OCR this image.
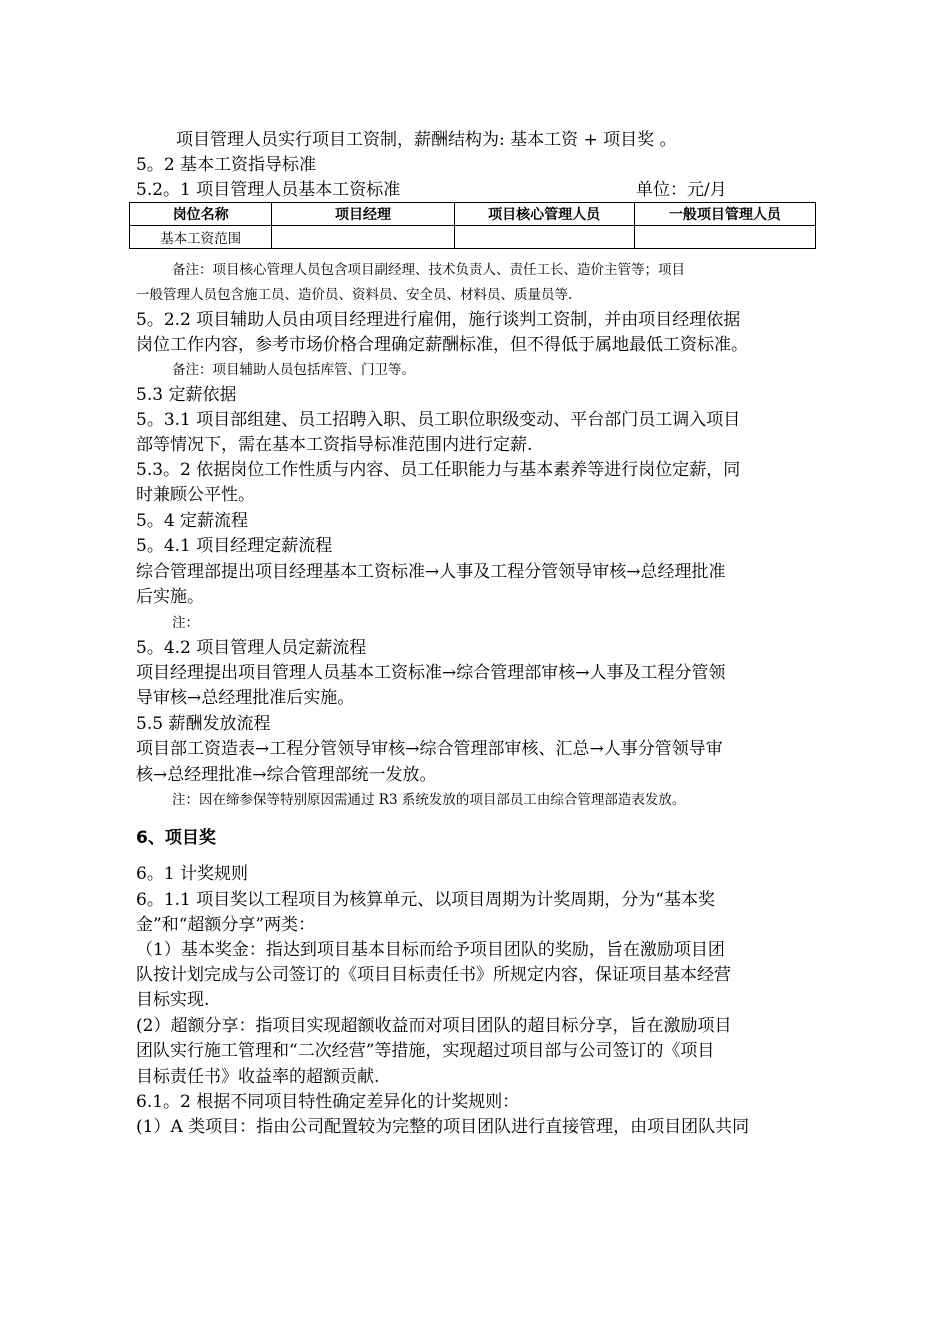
项目管理人员实行项目工资制，薪酬结构为: 基本工资 + 项目奖 。
5。2 基本工资指导标准
5.2。1 项目管理人员基本工资标准	单位：元/月
岗位名称	项目经理	项目核心管理人员	一般项目管理人员
基本工资范围			
备注：项目核心管理人员包含项目副经理、技术负责人、责任工长、造价主管等；项目
一般管理人员包含施工员、造价员、资料员、安全员、材料员、质量员等.
5。2.2 项目辅助人员由项目经理进行雇佣，施行谈判工资制，并由项目经理依据
岗位工作内容，参考市场价格合理确定薪酬标准，但不得低于属地最低工资标准。
备注：项目辅助人员包括库管、门卫等。
5.3 定薪依据
5。3.1 项目部组建、员工招聘入职、员工职位职级变动、平台部门员工调入项目
部等情况下，需在基本工资指导标准范围内进行定薪.
5.3。2 依据岗位工作性质与内容、员工任职能力与基本素养等进行岗位定薪，同
时兼顾公平性。
5。4 定薪流程
5。4.1 项目经理定薪流程
综合管理部提出项目经理基本工资标准→人事及工程分管领导审核→总经理批准
后实施。
注：
5。4.2 项目管理人员定薪流程
项目经理提出项目管理人员基本工资标准→综合管理部审核→人事及工程分管领
导审核→总经理批准后实施。
5.5 薪酬发放流程
项目部工资造表→工程分管领导审核→综合管理部审核、汇总→人事分管领导审
核→总经理批准→综合管理部统一发放。
注：因在缔参保等特别原因需通过 R3 系统发放的项目部员工由综合管理部造表发放。
6、项目奖
6。1 计奖规则
6。1.1 项目奖以工程项目为核算单元、以项目周期为计奖周期，分为“基本奖
金”和“超额分享”两类：
（1）基本奖金：指达到项目基本目标而给予项目团队的奖励，旨在激励项目团
队按计划完成与公司签订的《项目目标责任书》所规定内容，保证项目基本经营
目标实现.
(2）超额分享：指项目实现超额收益而对项目团队的超目标分享，旨在激励项目
团队实行施工管理和“二次经营”等措施，实现超过项目部与公司签订的《项目
目标责任书》收益率的超额贡献.
6.1。2 根据不同项目特性确定差异化的计奖规则：
(1）A 类项目：指由公司配置较为完整的项目团队进行直接管理，由项目团队共同
